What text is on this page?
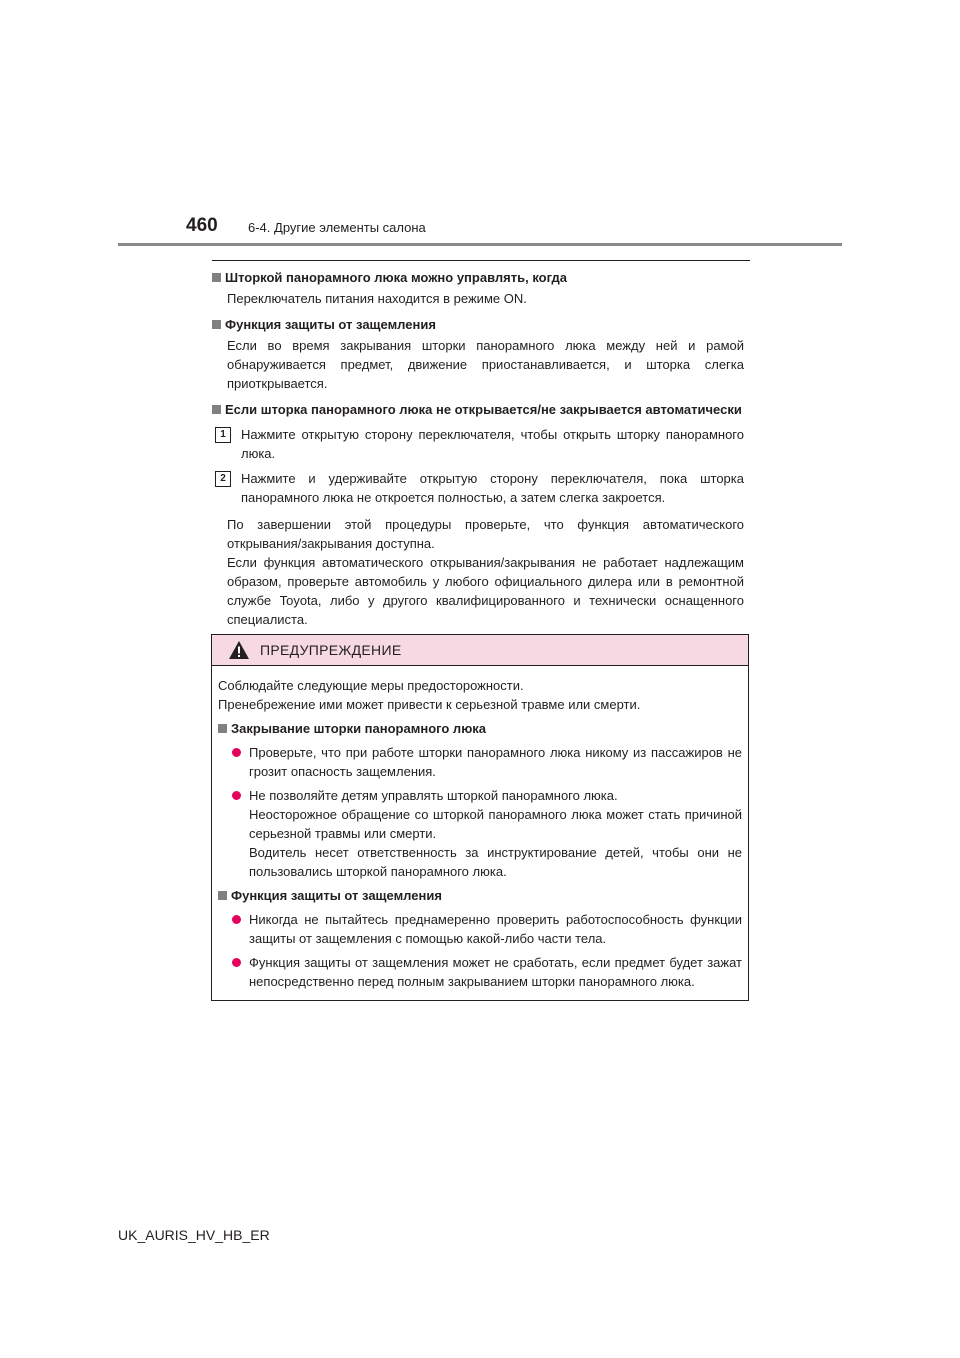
460 6-4. Другие элементы салона
Шторкой панорамного люка можно управлять, когда

Переключатель питания находится в режиме ON.

Функция защиты от защемления

Если во время закрывания шторки панорамного люка между ней и рамой обнаруживается предмет, движение приостанавливается, и шторка слегка приоткрывается.

Если шторка панорамного люка не открывается/не закрывается автоматически
1	Нажмите открытую сторону переключателя, чтобы открыть шторку панорамного люка.
2	Нажмите и удерживайте открытую сторону переключателя, пока шторка панорамного люка не откроется полностью, а затем слегка закроется.

По завершении этой процедуры проверьте, что функция автоматического открывания/закрывания доступна.

Если функция автоматического открывания/закрывания не работает надлежащим образом, проверьте автомобиль у любого официального дилера или в ремонтной службе Toyota, либо у другого квалифицированного и технически оснащенного специалиста.

ПРЕДУПРЕЖДЕНИЕ

Соблюдайте следующие меры предосторожности.

Пренебрежение ими может привести к серьезной травме или смерти.

Закрывание шторки панорамного люка
Проверьте, что при работе шторки панорамного люка никому из пассажиров не грозит опасность защемления.
Не позволяйте детям управлять шторкой панорамного люка.
Неосторожное обращение со шторкой панорамного люка может стать причиной серьезной травмы или смерти.
Водитель несет ответственность за инструктирование детей, чтобы они не пользовались шторкой панорамного люка.
Функция защиты от защемления
Никогда не пытайтесь преднамеренно проверить работоспособность функции защиты от защемления с помощью какой-либо части тела.
Функция защиты от защемления может не сработать, если предмет будет зажат непосредственно перед полным закрыванием шторки панорамного люка.
UK_AURIS_HV_HB_ER
